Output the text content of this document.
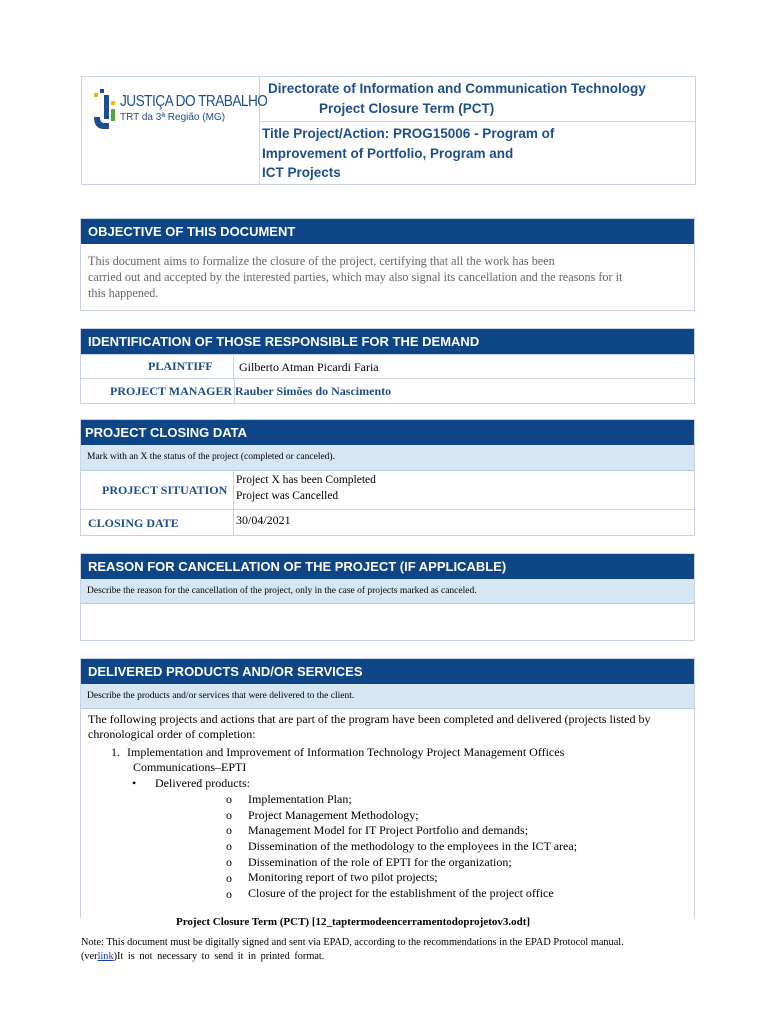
JUSTIÇA DO TRABALHO
TRT da 3ª Região (MG)
Directorate of Information and Communication Technology
Project Closure Term (PCT)
Title Project/Action: PROG15006 - Program of
Improvement of Portfolio, Program and
ICT Projects
OBJECTIVE OF THIS DOCUMENT
This document aims to formalize the closure of the project, certifying that all the work has been
carried out and accepted by the interested parties, which may also signal its cancellation and the reasons for it
this happened.
IDENTIFICATION OF THOSE RESPONSIBLE FOR THE DEMAND
PLAINTIFF Gilberto Atman Picardi Faria
PROJECT MANAGER Rauber Simões do Nascimento
PROJECT CLOSING DATA
Mark with an X the status of the project (completed or canceled).
PROJECT SITUATION
Project X has been Completed
Project was Cancelled
CLOSING DATE	30/04/2021
REASON FOR CANCELLATION OF THE PROJECT (IF APPLICABLE)
Describe the reason for the cancellation of the project, only in the case of projects marked as canceled.
DELIVERED PRODUCTS AND/OR SERVICES
Describe the products and/or services that were delivered to the client.
The following projects and actions that are part of the program have been completed and delivered (projects listed by
chronological order of completion:
1. Implementation and Improvement of Information Technology Project Management Offices
Communications–EPTI
• Delivered products:
o Implementation Plan;
o Project Management Methodology;
o Management Model for IT Project Portfolio and demands;
o Dissemination of the methodology to the employees in the ICT area;
o Dissemination of the role of EPTI for the organization;
o Monitoring report of two pilot projects;
o Closure of the project for the establishment of the project office
Project Closure Term (PCT) [12_taptermodeencerramentodoprojetov3.odt]
Note: This document must be digitally signed and sent via EPAD, according to the recommendations in the EPAD Protocol manual.
(verlink)It is not necessary to send it in printed format.
